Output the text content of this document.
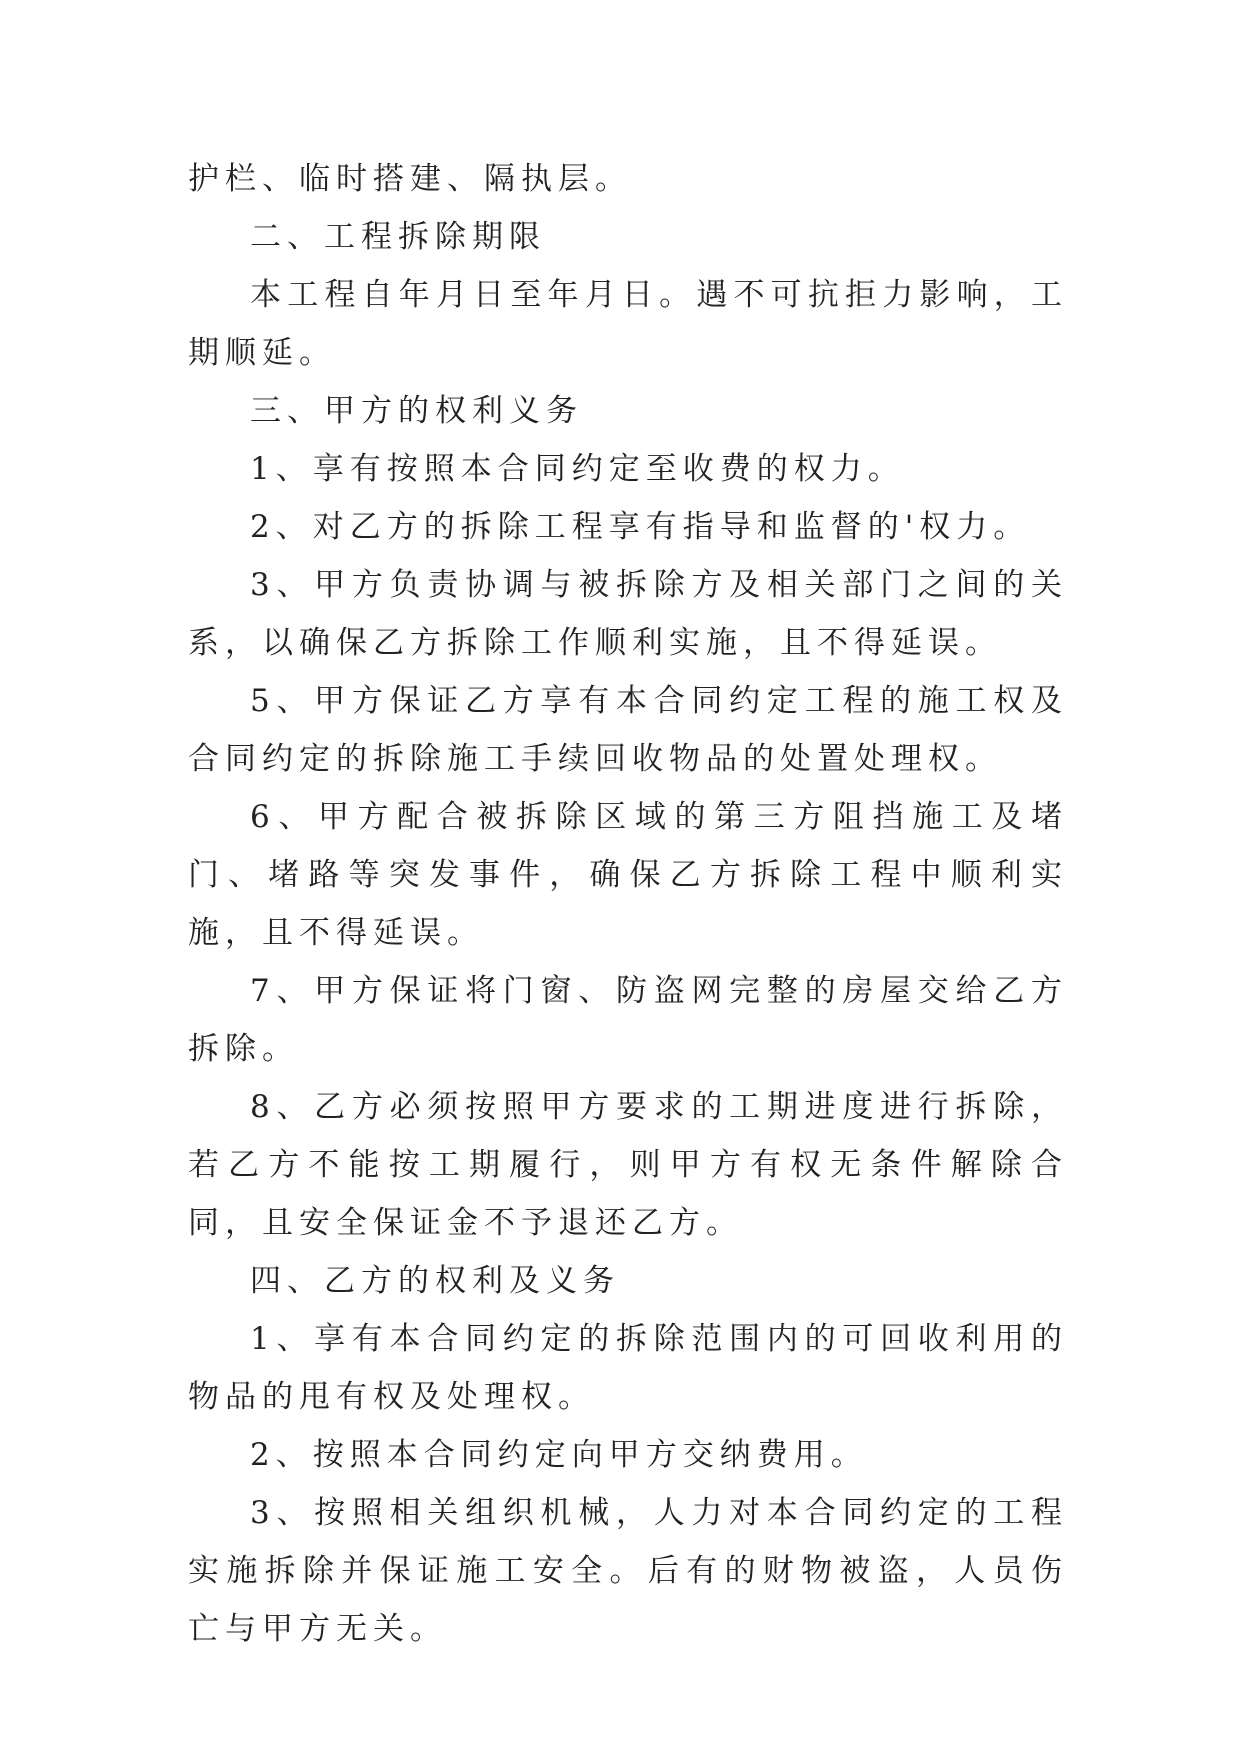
护栏、临时搭建、隔执层。

二、工程拆除期限

本工程自年月日至年月日。遇不可抗拒力影响，工期顺延。

三、甲方的权利义务

1、享有按照本合同约定至收费的权力。

2、对乙方的拆除工程享有指导和监督的'权力。

3、甲方负责协调与被拆除方及相关部门之间的关系，以确保乙方拆除工作顺利实施，且不得延误。

5、甲方保证乙方享有本合同约定工程的施工权及合同约定的拆除施工手续回收物品的处置处理权。

6、甲方配合被拆除区域的第三方阻挡施工及堵门、堵路等突发事件，确保乙方拆除工程中顺利实施，且不得延误。

7、甲方保证将门窗、防盗网完整的房屋交给乙方拆除。

8、乙方必须按照甲方要求的工期进度进行拆除，若乙方不能按工期履行，则甲方有权无条件解除合同，且安全保证金不予退还乙方。

四、乙方的权利及义务

1、享有本合同约定的拆除范围内的可回收利用的物品的甩有权及处理权。

2、按照本合同约定向甲方交纳费用。

3、按照相关组织机械，人力对本合同约定的工程实施拆除并保证施工安全。后有的财物被盗，人员伤亡与甲方无关。
